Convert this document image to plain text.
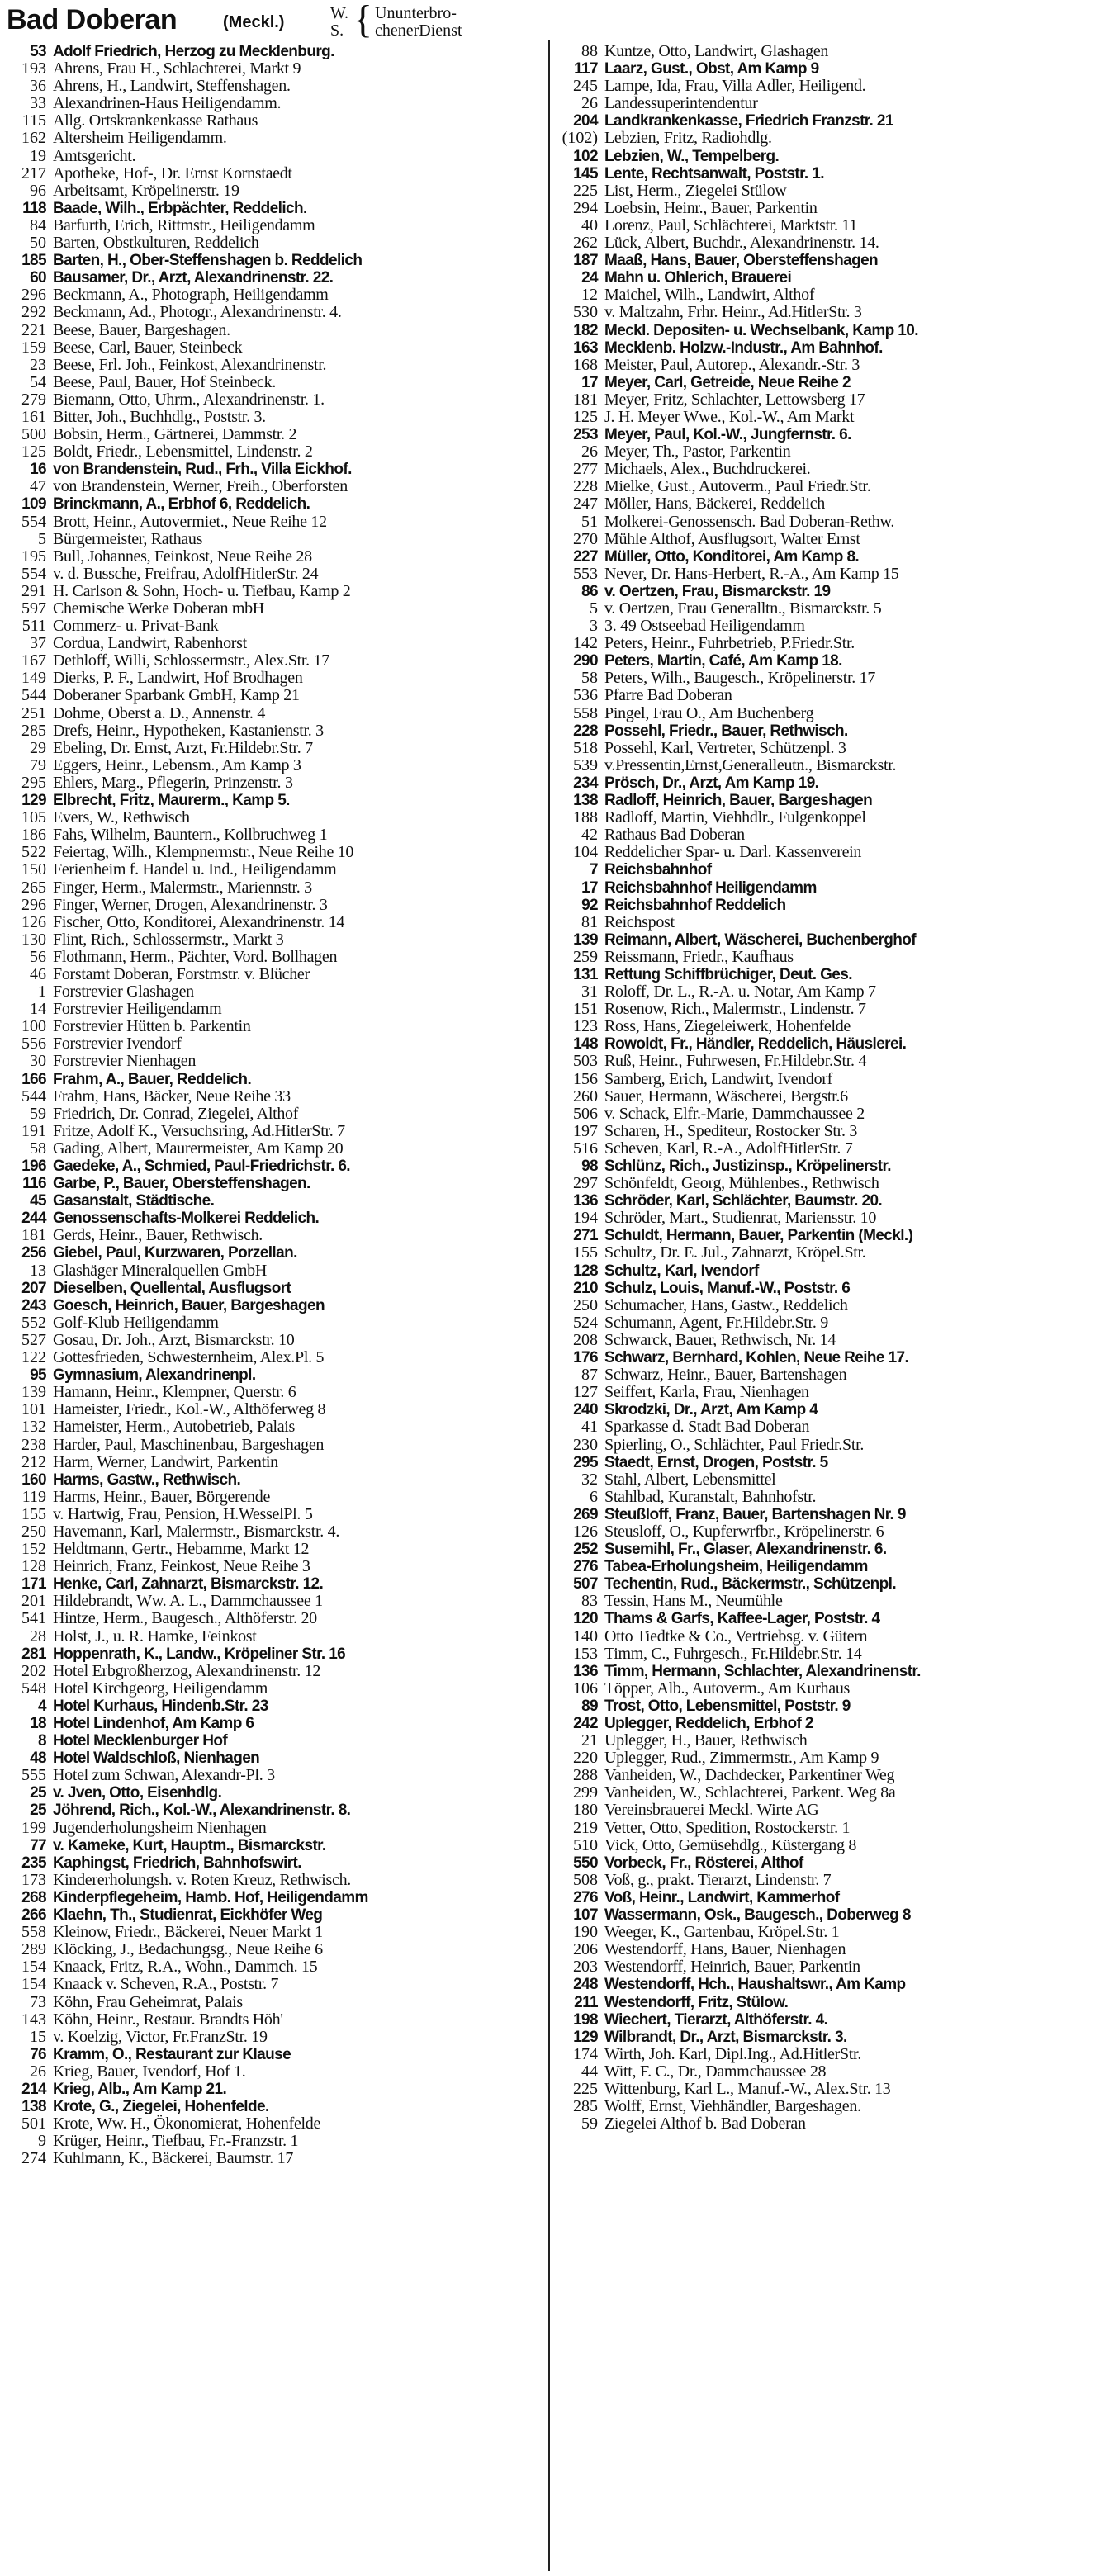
Bad Doberan	(Meckl.)	W.
S. { Ununterbro-
chenerDienst
53 Adolf Friedrich, Herzog zu Mecklenburg.
193 Ahrens, Frau H., Schlachterei, Markt 9
36 Ahrens, H., Landwirt, Steffenshagen.
33 Alexandrinen-Haus Heiligendamm.
115 Allg. Ortskrankenkasse Rathaus
162 Altersheim Heiligendamm.
19 Amtsgericht.
217 Apotheke, Hof-, Dr. Ernst Kornstaedt
96 Arbeitsamt, Kröpelinerstr. 19
118 Baade, Wilh., Erbpächter, Reddelich.
84 Barfurth, Erich, Rittmstr., Heiligendamm
50 Barten, Obstkulturen, Reddelich
185 Barten, H., Ober-Steffenshagen b. Reddelich
60 Bausamer, Dr., Arzt, Alexandrinenstr. 22.
296 Beckmann, A., Photograph, Heiligendamm
292 Beckmann, Ad., Photogr., Alexandrinenstr. 4.
221 Beese, Bauer, Bargeshagen.
159 Beese, Carl, Bauer, Steinbeck
23 Beese, Frl. Joh., Feinkost, Alexandrinenstr.
54 Beese, Paul, Bauer, Hof Steinbeck.
279 Biemann, Otto, Uhrm., Alexandrinenstr. 1.
161 Bitter, Joh., Buchhdlg., Poststr. 3.
500 Bobsin, Herm., Gärtnerei, Dammstr. 2
125 Boldt, Friedr., Lebensmittel, Lindenstr. 2
16 von Brandenstein, Rud., Frh., Villa Eickhof.
47 von Brandenstein, Werner, Freih., Oberforsten
109 Brinckmann, A., Erbhof 6, Reddelich.
554 Brott, Heinr., Autovermiet., Neue Reihe 12
5 Bürgermeister, Rathaus
195 Bull, Johannes, Feinkost, Neue Reihe 28
554 v. d. Bussche, Freifrau, AdolfHitlerStr. 24
291 H. Carlson & Sohn, Hoch- u. Tiefbau, Kamp 2
597 Chemische Werke Doberan mbH
511 Commerz- u. Privat-Bank
37 Cordua, Landwirt, Rabenhorst
167 Dethloff, Willi, Schlossermstr., Alex.Str. 17
149 Dierks, P. F., Landwirt, Hof Brodhagen
544 Doberaner Sparbank GmbH, Kamp 21
251 Dohme, Oberst a. D., Annenstr. 4
285 Drefs, Heinr., Hypotheken, Kastanienstr. 3
29 Ebeling, Dr. Ernst, Arzt, Fr.Hildebr.Str. 7
79 Eggers, Heinr., Lebensm., Am Kamp 3
295 Ehlers, Marg., Pflegerin, Prinzenstr. 3
129 Elbrecht, Fritz, Maurerm., Kamp 5.
105 Evers, W., Rethwisch
186 Fahs, Wilhelm, Bauntern., Kollbruchweg 1
522 Feiertag, Wilh., Klempnermstr., Neue Reihe 10
150 Ferienheim f. Handel u. Ind., Heiligendamm
265 Finger, Herm., Malermstr., Mariennstr. 3
296 Finger, Werner, Drogen, Alexandrinenstr. 3
126 Fischer, Otto, Konditorei, Alexandrinenstr. 14
130 Flint, Rich., Schlossermstr., Markt 3
56 Flothmann, Herm., Pächter, Vord. Bollhagen
46 Forstamt Doberan, Forstmstr. v. Blücher
1 Forstrevier Glashagen
14 Forstrevier Heiligendamm
100 Forstrevier Hütten b. Parkentin
556 Forstrevier Ivendorf
30 Forstrevier Nienhagen
166 Frahm, A., Bauer, Reddelich.
544 Frahm, Hans, Bäcker, Neue Reihe 33
59 Friedrich, Dr. Conrad, Ziegelei, Althof
191 Fritze, Adolf K., Versuchsring, Ad.HitlerStr. 7
58 Gading, Albert, Maurermeister, Am Kamp 20
196 Gaedeke, A., Schmied, Paul-Friedrichstr. 6.
116 Garbe, P., Bauer, Obersteffenshagen.
45 Gasanstalt, Städtische.
244 Genossenschafts-Molkerei Reddelich.
181 Gerds, Heinr., Bauer, Rethwisch.
256 Giebel, Paul, Kurzwaren, Porzellan.
13 Glashäger Mineralquellen GmbH
207 Dieselben, Quellental, Ausflugsort
243 Goesch, Heinrich, Bauer, Bargeshagen
552 Golf-Klub Heiligendamm
527 Gosau, Dr. Joh., Arzt, Bismarckstr. 10
122 Gottesfrieden, Schwesternheim, Alex.Pl. 5
95 Gymnasium, Alexandrinenpl.
139 Hamann, Heinr., Klempner, Querstr. 6
101 Hameister, Friedr., Kol.-W., Althöferweg 8
132 Hameister, Herm., Autobetrieb, Palais
238 Harder, Paul, Maschinenbau, Bargeshagen
212 Harm, Werner, Landwirt, Parkentin
160 Harms, Gastw., Rethwisch.
119 Harms, Heinr., Bauer, Börgerende
155 v. Hartwig, Frau, Pension, H.WesselPl. 5
250 Havemann, Karl, Malermstr., Bismarckstr. 4.
152 Heldtmann, Gertr., Hebamme, Markt 12
128 Heinrich, Franz, Feinkost, Neue Reihe 3
171 Henke, Carl, Zahnarzt, Bismarckstr. 12.
201 Hildebrandt, Ww. A. L., Dammchaussee 1
541 Hintze, Herm., Baugesch., Althöferstr. 20
28 Holst, J., u. R. Hamke, Feinkost
281 Hoppenrath, K., Landw., Kröpeliner Str. 16
202 Hotel Erbgroßherzog, Alexandrinenstr. 12
548 Hotel Kirchgeorg, Heiligendamm
4 Hotel Kurhaus, Hindenb.Str. 23
18 Hotel Lindenhof, Am Kamp 6
8 Hotel Mecklenburger Hof
48 Hotel Waldschloß, Nienhagen
555 Hotel zum Schwan, Alexandr-Pl. 3
25 v. Jven, Otto, Eisenhdlg.
25 Jöhrend, Rich., Kol.-W., Alexandrinenstr. 8.
199 Jugenderholungsheim Nienhagen
77 v. Kameke, Kurt, Hauptm., Bismarckstr.
235 Kaphingst, Friedrich, Bahnhofswirt.
173 Kindererholungsh. v. Roten Kreuz, Rethwisch.
268 Kinderpflegeheim, Hamb. Hof, Heiligendamm
266 Klaehn, Th., Studienrat, Eickhöfer Weg
558 Kleinow, Friedr., Bäckerei, Neuer Markt 1
289 Klöcking, J., Bedachungsg., Neue Reihe 6
154 Knaack, Fritz, R.A., Wohn., Dammch. 15
154 Knaack v. Scheven, R.A., Poststr. 7
73 Köhn, Frau Geheimrat, Palais
143 Köhn, Heinr., Restaur. Brandts Höh'
15 v. Koelzig, Victor, Fr.FranzStr. 19
76 Kramm, O., Restaurant zur Klause
26 Krieg, Bauer, Ivendorf, Hof 1.
214 Krieg, Alb., Am Kamp 21.
138 Krote, G., Ziegelei, Hohenfelde.
501 Krote, Ww. H., Ökonomierat, Hohenfelde
9 Krüger, Heinr., Tiefbau, Fr.-Franzstr. 1
274 Kuhlmann, K., Bäckerei, Baumstr. 17
88 Kuntze, Otto, Landwirt, Glashagen
117 Laarz, Gust., Obst, Am Kamp 9
245 Lampe, Ida, Frau, Villa Adler, Heiligend.
26 Landessuperintendentur
204 Landkrankenkasse, Friedrich Franzstr. 21
(102) Lebzien, Fritz, Radiohdlg.
102 Lebzien, W., Tempelberg.
145 Lente, Rechtsanwalt, Poststr. 1.
225 List, Herm., Ziegelei Stülow
294 Loebsin, Heinr., Bauer, Parkentin
40 Lorenz, Paul, Schlächterei, Marktstr. 11
262 Lück, Albert, Buchdr., Alexandrinenstr. 14.
187 Maaß, Hans, Bauer, Obersteffenshagen
24 Mahn u. Ohlerich, Brauerei
12 Maichel, Wilh., Landwirt, Althof
530 v. Maltzahn, Frhr. Heinr., Ad.HitlerStr. 3
182 Meckl. Depositen- u. Wechselbank, Kamp 10.
163 Mecklenb. Holzw.-Industr., Am Bahnhof.
168 Meister, Paul, Autorep., Alexandr.-Str. 3
17 Meyer, Carl, Getreide, Neue Reihe 2
181 Meyer, Fritz, Schlachter, Lettowsberg 17
125 J. H. Meyer Wwe., Kol.-W., Am Markt
253 Meyer, Paul, Kol.-W., Jungfernstr. 6.
26 Meyer, Th., Pastor, Parkentin
277 Michaels, Alex., Buchdruckerei.
228 Mielke, Gust., Autoverm., Paul Friedr.Str.
247 Möller, Hans, Bäckerei, Reddelich
51 Molkerei-Genossensch. Bad Doberan-Rethw.
270 Mühle Althof, Ausflugsort, Walter Ernst
227 Müller, Otto, Konditorei, Am Kamp 8.
553 Never, Dr. Hans-Herbert, R.-A., Am Kamp 15
86 v. Oertzen, Frau, Bismarckstr. 19
5 v. Oertzen, Frau Generalltn., Bismarckstr. 5
3 3. 49 Ostseebad Heiligendamm
142 Peters, Heinr., Fuhrbetrieb, P.Friedr.Str.
290 Peters, Martin, Café, Am Kamp 18.
58 Peters, Wilh., Baugesch., Kröpelinerstr. 17
536 Pfarre Bad Doberan
558 Pingel, Frau O., Am Buchenberg
228 Possehl, Friedr., Bauer, Rethwisch.
518 Possehl, Karl, Vertreter, Schützenpl. 3
539 v.Pressentin,Ernst,Generalleutn., Bismarckstr.
234 Prösch, Dr., Arzt, Am Kamp 19.
138 Radloff, Heinrich, Bauer, Bargeshagen
188 Radloff, Martin, Viehhdlr., Fulgenkoppel
42 Rathaus Bad Doberan
104 Reddelicher Spar- u. Darl. Kassenverein
7 Reichsbahnhof
17 Reichsbahnhof Heiligendamm
92 Reichsbahnhof Reddelich
81 Reichspost
139 Reimann, Albert, Wäscherei, Buchenberghof
259 Reissmann, Friedr., Kaufhaus
131 Rettung Schiffbrüchiger, Deut. Ges.
31 Roloff, Dr. L., R.-A. u. Notar, Am Kamp 7
151 Rosenow, Rich., Malermstr., Lindenstr. 7
123 Ross, Hans, Ziegeleiwerk, Hohenfelde
148 Rowoldt, Fr., Händler, Reddelich, Häuslerei.
503 Ruß, Heinr., Fuhrwesen, Fr.Hildebr.Str. 4
156 Samberg, Erich, Landwirt, Ivendorf
260 Sauer, Hermann, Wäscherei, Bergstr.6
506 v. Schack, Elfr.-Marie, Dammchaussee 2
197 Scharen, H., Spediteur, Rostocker Str. 3
516 Scheven, Karl, R.-A., AdolfHitlerStr. 7
98 Schlünz, Rich., Justizinsp., Kröpelinerstr.
297 Schönfeldt, Georg, Mühlenbes., Rethwisch
136 Schröder, Karl, Schlächter, Baumstr. 20.
194 Schröder, Mart., Studienrat, Mariensstr. 10
271 Schuldt, Hermann, Bauer, Parkentin (Meckl.)
155 Schultz, Dr. E. Jul., Zahnarzt, Kröpel.Str.
128 Schultz, Karl, Ivendorf
210 Schulz, Louis, Manuf.-W., Poststr. 6
250 Schumacher, Hans, Gastw., Reddelich
524 Schumann, Agent, Fr.Hildebr.Str. 9
208 Schwarck, Bauer, Rethwisch, Nr. 14
176 Schwarz, Bernhard, Kohlen, Neue Reihe 17.
87 Schwarz, Heinr., Bauer, Bartenshagen
127 Seiffert, Karla, Frau, Nienhagen
240 Skrodzki, Dr., Arzt, Am Kamp 4
41 Sparkasse d. Stadt Bad Doberan
230 Spierling, O., Schlächter, Paul Friedr.Str.
295 Staedt, Ernst, Drogen, Poststr. 5
32 Stahl, Albert, Lebensmittel
6 Stahlbad, Kuranstalt, Bahnhofstr.
269 Steußloff, Franz, Bauer, Bartenshagen Nr. 9
126 Steusloff, O., Kupferwrfbr., Kröpelinerstr. 6
252 Susemihl, Fr., Glaser, Alexandrinenstr. 6.
276 Tabea-Erholungsheim, Heiligendamm
507 Techentin, Rud., Bäckermstr., Schützenpl.
83 Tessin, Hans M., Neumühle
120 Thams & Garfs, Kaffee-Lager, Poststr. 4
140 Otto Tiedtke & Co., Vertriebsg. v. Gütern
153 Timm, C., Fuhrgesch., Fr.Hildebr.Str. 14
136 Timm, Hermann, Schlachter, Alexandrinenstr.
106 Töpper, Alb., Autoverm., Am Kurhaus
89 Trost, Otto, Lebensmittel, Poststr. 9
242 Uplegger, Reddelich, Erbhof 2
21 Uplegger, H., Bauer, Rethwisch
220 Uplegger, Rud., Zimmermstr., Am Kamp 9
288 Vanheiden, W., Dachdecker, Parkentiner Weg
299 Vanheiden, W., Schlachterei, Parkent. Weg 8a
180 Vereinsbrauerei Meckl. Wirte AG
219 Vetter, Otto, Spedition, Rostockerstr. 1
510 Vick, Otto, Gemüsehdlg., Küstergang 8
550 Vorbeck, Fr., Rösterei, Althof
508 Voß, g., prakt. Tierarzt, Lindenstr. 7
276 Voß, Heinr., Landwirt, Kammerhof
107 Wassermann, Osk., Baugesch., Doberweg 8
190 Weeger, K., Gartenbau, Kröpel.Str. 1
206 Westendorff, Hans, Bauer, Nienhagen
203 Westendorff, Heinrich, Bauer, Parkentin
248 Westendorff, Hch., Haushaltswr., Am Kamp
211 Westendorff, Fritz, Stülow.
198 Wiechert, Tierarzt, Althöferstr. 4.
129 Wilbrandt, Dr., Arzt, Bismarckstr. 3.
174 Wirth, Joh. Karl, Dipl.Ing., Ad.HitlerStr.
44 Witt, F. C., Dr., Dammchaussee 28
225 Wittenburg, Karl L., Manuf.-W., Alex.Str. 13
285 Wolff, Ernst, Viehhändler, Bargeshagen.
59 Ziegelei Althof b. Bad Doberan
